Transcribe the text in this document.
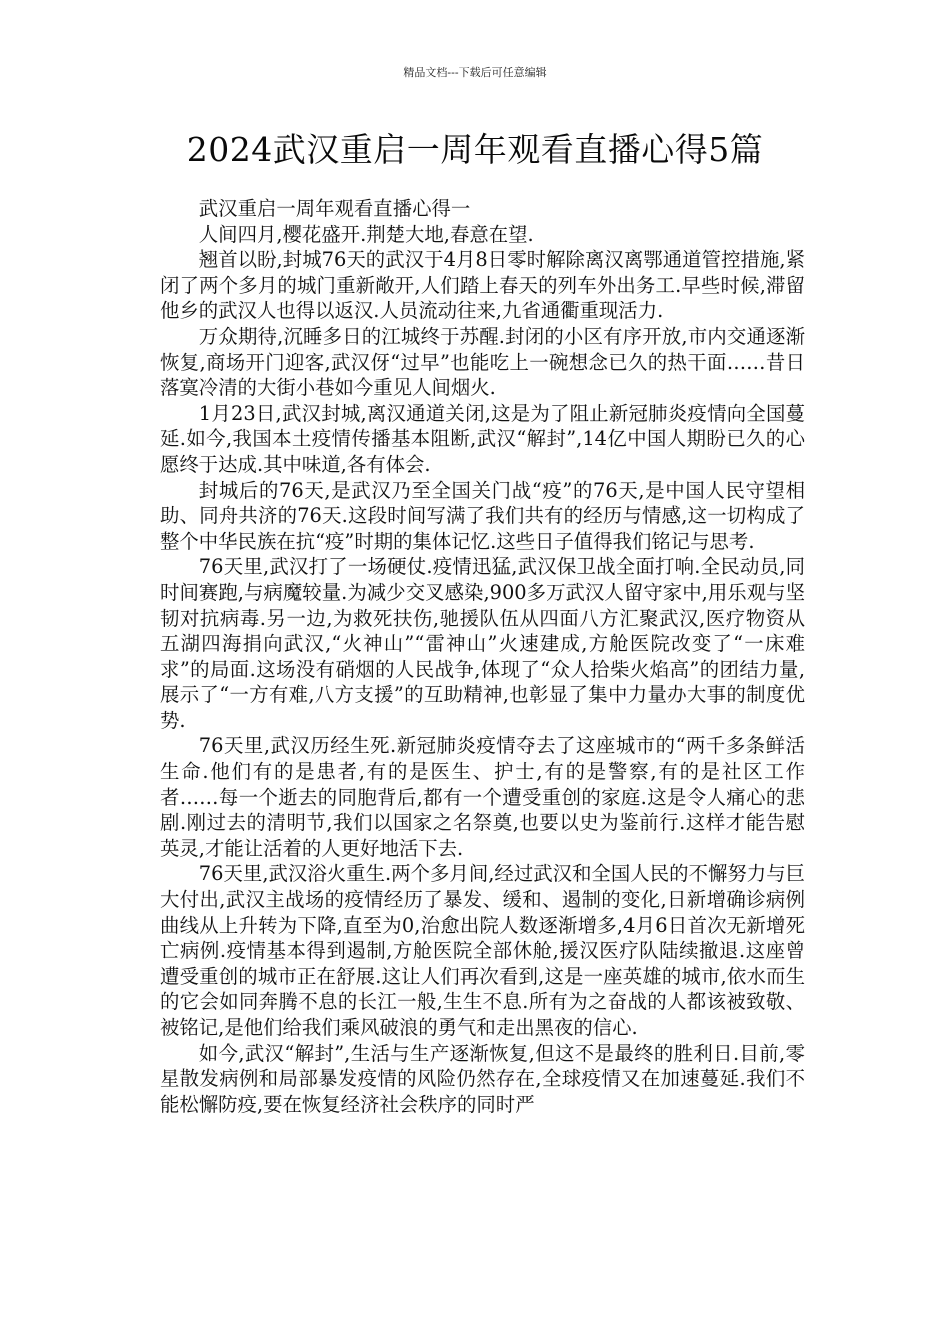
精品文档---下载后可任意编辑
2024武汉重启一周年观看直播心得5篇

武汉重启一周年观看直播心得一

人间四月,樱花盛开.荆楚大地,春意在望.

翘首以盼,封城76天的武汉于4月8日零时解除离汉离鄂通道管控措施,紧闭了两个多月的城门重新敞开,人们踏上春天的列车外出务工.早些时候,滞留他乡的武汉人也得以返汉.人员流动往来,九省通衢重现活力.

万众期待,沉睡多日的江城终于苏醒.封闭的小区有序开放,市内交通逐渐恢复,商场开门迎客,武汉伢“过早”也能吃上一碗想念已久的热干面……昔日落寞冷清的大街小巷如今重见人间烟火.

1月23日,武汉封城,离汉通道关闭,这是为了阻止新冠肺炎疫情向全国蔓延.如今,我国本土疫情传播基本阻断,武汉“解封”,14亿中国人期盼已久的心愿终于达成.其中味道,各有体会.

封城后的76天,是武汉乃至全国关门战“疫”的76天,是中国人民守望相助、同舟共济的76天.这段时间写满了我们共有的经历与情感,这一切构成了整个中华民族在抗“疫”时期的集体记忆.这些日子值得我们铭记与思考.

76天里,武汉打了一场硬仗.疫情迅猛,武汉保卫战全面打响.全民动员,同时间赛跑,与病魔较量.为减少交叉感染,900多万武汉人留守家中,用乐观与坚韧对抗病毒.另一边,为救死扶伤,驰援队伍从四面八方汇聚武汉,医疗物资从五湖四海捐向武汉,“火神山”“雷神山”火速建成,方舱医院改变了“一床难求”的局面.这场没有硝烟的人民战争,体现了“众人拾柴火焰高”的团结力量,展示了“一方有难,八方支援”的互助精神,也彰显了集中力量办大事的制度优势.

76天里,武汉历经生死.新冠肺炎疫情夺去了这座城市的“两千多条鲜活生命.他们有的是患者,有的是医生、护士,有的是警察,有的是社区工作者……每一个逝去的同胞背后,都有一个遭受重创的家庭.这是令人痛心的悲剧.刚过去的清明节,我们以国家之名祭奠,也要以史为鉴前行.这样才能告慰英灵,才能让活着的人更好地活下去.

76天里,武汉浴火重生.两个多月间,经过武汉和全国人民的不懈努力与巨大付出,武汉主战场的疫情经历了暴发、缓和、遏制的变化,日新增确诊病例曲线从上升转为下降,直至为0,治愈出院人数逐渐增多,4月6日首次无新增死亡病例.疫情基本得到遏制,方舱医院全部休舱,援汉医疗队陆续撤退.这座曾遭受重创的城市正在舒展.这让人们再次看到,这是一座英雄的城市,依水而生的它会如同奔腾不息的长江一般,生生不息.所有为之奋战的人都该被致敬、被铭记,是他们给我们乘风破浪的勇气和走出黑夜的信心.

如今,武汉“解封”,生活与生产逐渐恢复,但这不是最终的胜利日.目前,零星散发病例和局部暴发疫情的风险仍然存在,全球疫情又在加速蔓延.我们不能松懈防疫,要在恢复经济社会秩序的同时严
